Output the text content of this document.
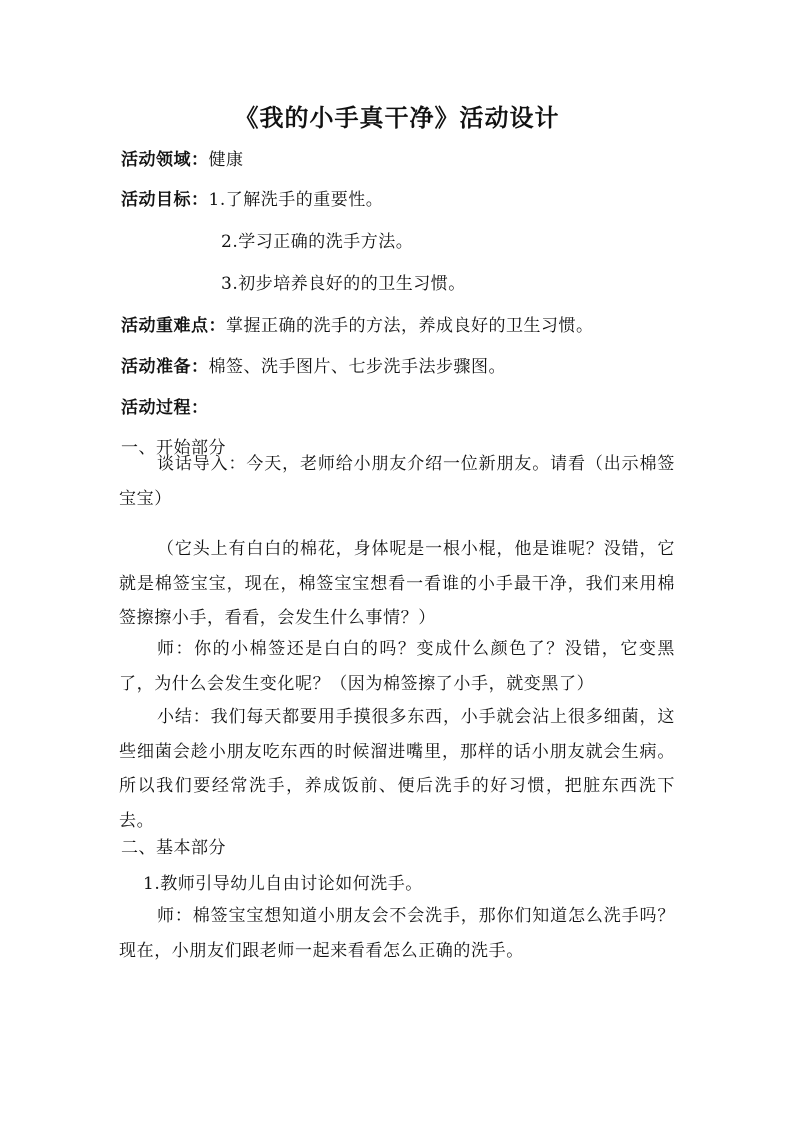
《我的小手真干净》活动设计
活动领域：健康
活动目标：1.了解洗手的重要性。
2.学习正确的洗手方法。
3.初步培养良好的的卫生习惯。
活动重难点：掌握正确的洗手的方法，养成良好的卫生习惯。
活动准备：棉签、洗手图片、七步洗手法步骤图。
活动过程：
一、开始部分

谈话导入：今天，老师给小朋友介绍一位新朋友。请看（出示棉签宝宝）

（它头上有白白的棉花，身体呢是一根小棍，他是谁呢？没错，它就是棉签宝宝，现在，棉签宝宝想看一看谁的小手最干净，我们来用棉签擦擦小手，看看，会发生什么事情？）

师：你的小棉签还是白白的吗？变成什么颜色了？没错，它变黑了，为什么会发生变化呢？（因为棉签擦了小手，就变黑了）

小结：我们每天都要用手摸很多东西，小手就会沾上很多细菌，这些细菌会趁小朋友吃东西的时候溜进嘴里，那样的话小朋友就会生病。所以我们要经常洗手，养成饭前、便后洗手的好习惯，把脏东西洗下去。

二、基本部分
1.教师引导幼儿自由讨论如何洗手。

师：棉签宝宝想知道小朋友会不会洗手，那你们知道怎么洗手吗？现在，小朋友们跟老师一起来看看怎么正确的洗手。
